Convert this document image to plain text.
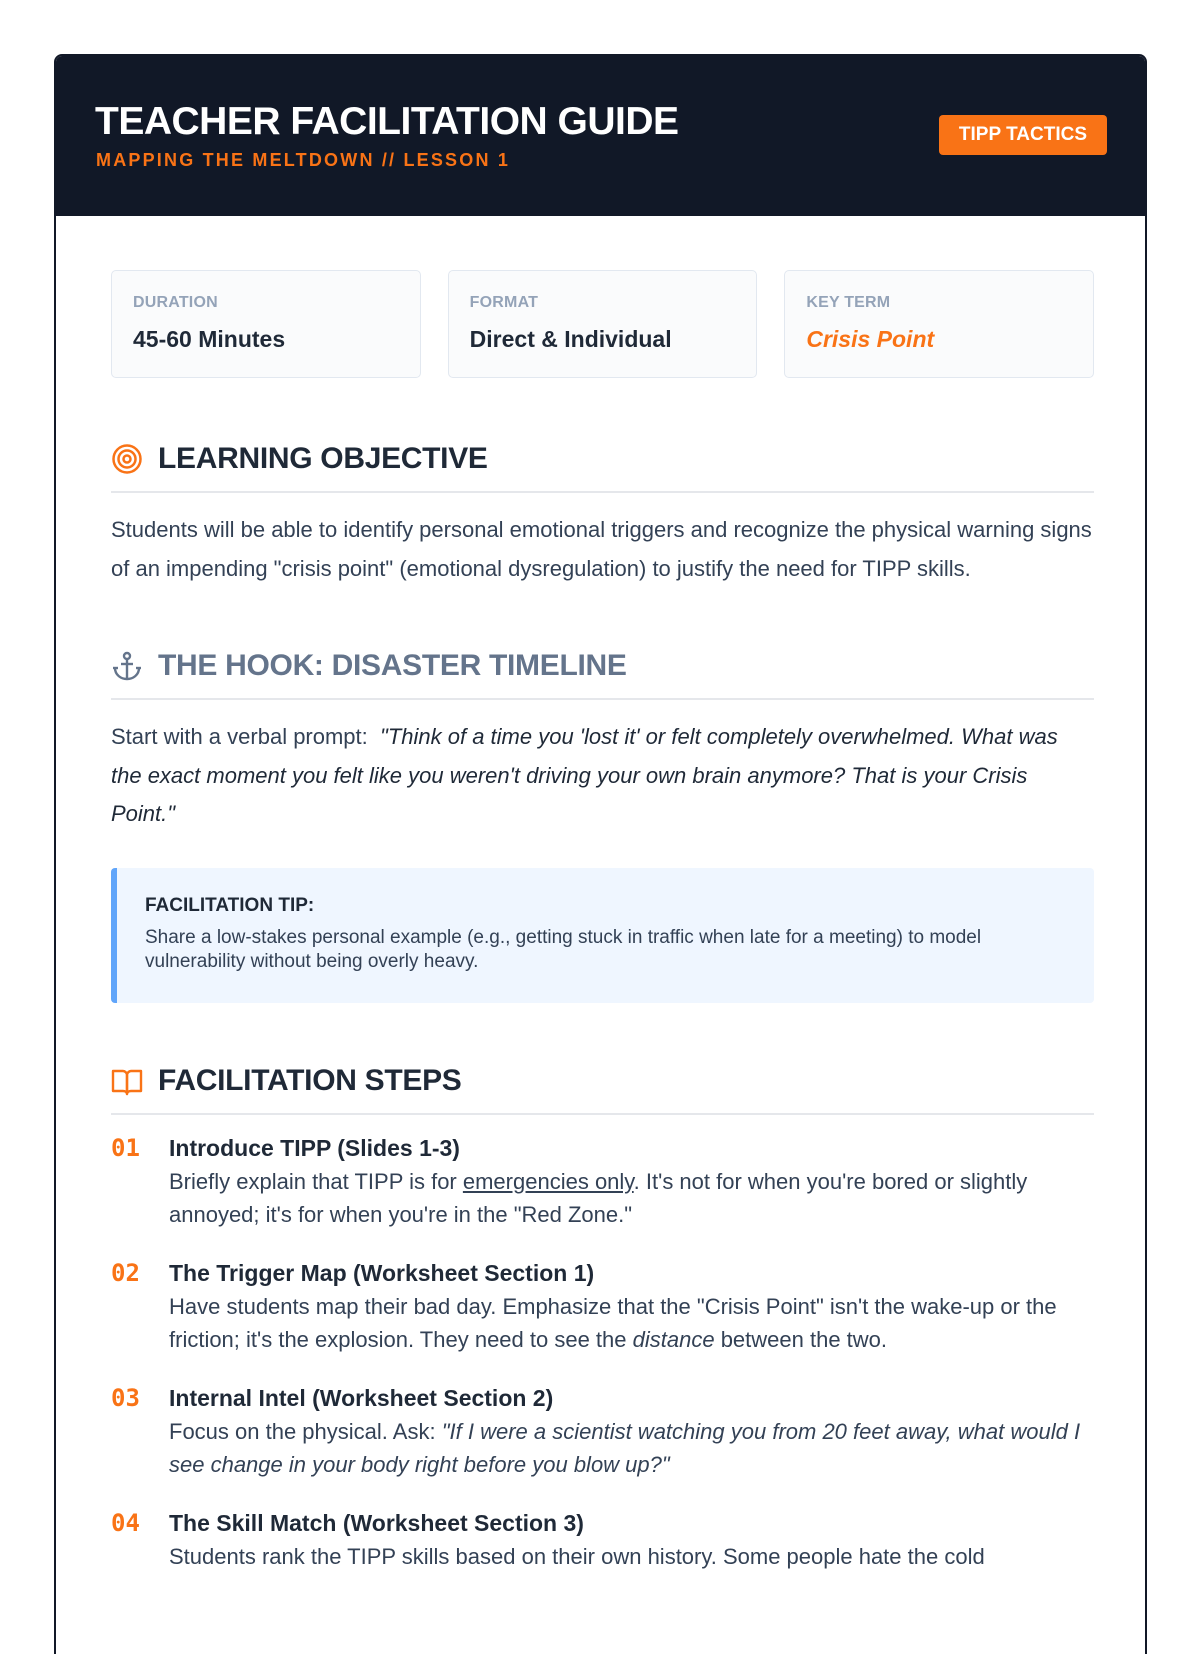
TEACHER FACILITATION GUIDE
MAPPING THE MELTDOWN // LESSON 1
TIPP TACTICS
DURATION
45-60 Minutes
FORMAT
Direct & Individual
KEY TERM
Crisis Point
LEARNING OBJECTIVE
Students will be able to identify personal emotional triggers and recognize the physical warning signs of an impending "crisis point" (emotional dysregulation) to justify the need for TIPP skills.
THE HOOK: DISASTER TIMELINE
Start with a verbal prompt: "Think of a time you 'lost it' or felt completely overwhelmed. What was the exact moment you felt like you weren't driving your own brain anymore? That is your Crisis Point."
FACILITATION TIP:
Share a low-stakes personal example (e.g., getting stuck in traffic when late for a meeting) to model vulnerability without being overly heavy.
FACILITATION STEPS
01	Introduce TIPP (Slides 1-3)
Briefly explain that TIPP is for emergencies only. It's not for when you're bored or slightly annoyed; it's for when you're in the "Red Zone."
02	The Trigger Map (Worksheet Section 1)
Have students map their bad day. Emphasize that the "Crisis Point" isn't the wake-up or the friction; it's the explosion. They need to see the distance between the two.
03	Internal Intel (Worksheet Section 2)
Focus on the physical. Ask: "If I were a scientist watching you from 20 feet away, what would I see change in your body right before you blow up?"
04	The Skill Match (Worksheet Section 3)
Students rank the TIPP skills based on their own history. Some people hate the cold
